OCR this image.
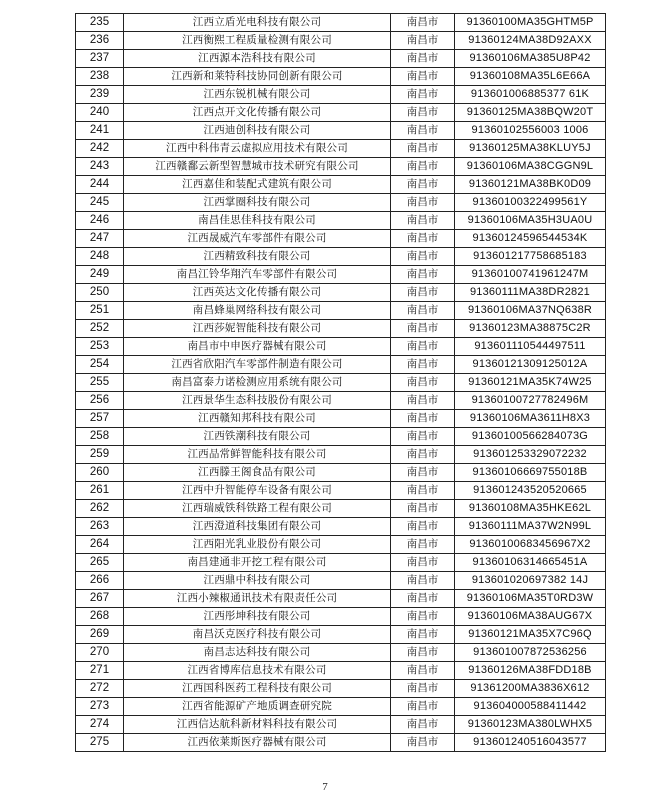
235	江西立盾光电科技有限公司	南昌市	91360100MA35GHTM5P
236	江西衡熙工程质量检测有限公司	南昌市	91360124MA38D92AXX
237	江西源本浩科技有限公司	南昌市	91360106MA385U8P42
238	江西新和莱特科技协同创新有限公司	南昌市	91360108MA35L6E66A
239	江西东锐机械有限公司	南昌市	913601006885377 61K
240	江西点开文化传播有限公司	南昌市	91360125MA38BQW20T
241	江西迪创科技有限公司	南昌市	91360102556003 1006
242	江西中科伟青云虚拟应用技术有限公司	南昌市	91360125MA38KLUY5J
243	江西赣鄱云新型智慧城市技术研究有限公司	南昌市	91360106MA38CGGN9L
244	江西嘉佳和装配式建筑有限公司	南昌市	91360121MA38BK0D09
245	江西掌圈科技有限公司	南昌市	91360100322499561Y
246	南昌佳思佳科技有限公司	南昌市	91360106MA35H3UA0U
247	江西晟威汽车零部件有限公司	南昌市	91360124596544534K
248	江西精致科技有限公司	南昌市	913601217758685183
249	南昌江铃华翔汽车零部件有限公司	南昌市	91360100741961247M
250	江西英达文化传播有限公司	南昌市	91360111MA38DR2821
251	南昌蜂巢网络科技有限公司	南昌市	91360106MA37NQ638R
252	江西莎妮智能科技有限公司	南昌市	91360123MA38875C2R
253	南昌市中申医疗器械有限公司	南昌市	913601110544497511
254	江西省欣阳汽车零部件制造有限公司	南昌市	91360121309125012A
255	南昌富泰力诺检测应用系统有限公司	南昌市	91360121MA35K74W25
256	江西景华生态科技股份有限公司	南昌市	91360100727782496M
257	江西赣知邦科技有限公司	南昌市	91360106MA3611H8X3
258	江西铁潮科技有限公司	南昌市	91360100566284073G
259	江西品常鲜智能科技有限公司	南昌市	913601253329072232
260	江西滕王阁食品有限公司	南昌市	91360106669755018B
261	江西中升智能停车设备有限公司	南昌市	913601243520520665
262	江西瑞威铁科铁路工程有限公司	南昌市	91360108MA35HKE62L
263	江西澄道科技集团有限公司	南昌市	91360111MA37W2N99L
264	江西阳光乳业股份有限公司	南昌市	91360100683456967X2
265	南昌建通非开挖工程有限公司	南昌市	91360106314665451A
266	江西鼎中科技有限公司	南昌市	913601020697382 14J
267	江西小辣椒通讯技术有限责任公司	南昌市	91360106MA35T0RD3W
268	江西彤坤科技有限公司	南昌市	91360106MA38AUG67X
269	南昌沃克医疗科技有限公司	南昌市	91360121MA35X7C96Q
270	南昌志达科技有限公司	南昌市	913601007872536256
271	江西省博库信息技术有限公司	南昌市	91360126MA38FDD18B
272	江西国科医药工程科技有限公司	南昌市	91361200MA3836X612
273	江西省能源矿产地质调查研究院	南昌市	913604000588411442
274	江西信达航科新材料科技有限公司	南昌市	91360123MA380LWHX5
275	江西依莱斯医疗器械有限公司	南昌市	913601240516043577
7
